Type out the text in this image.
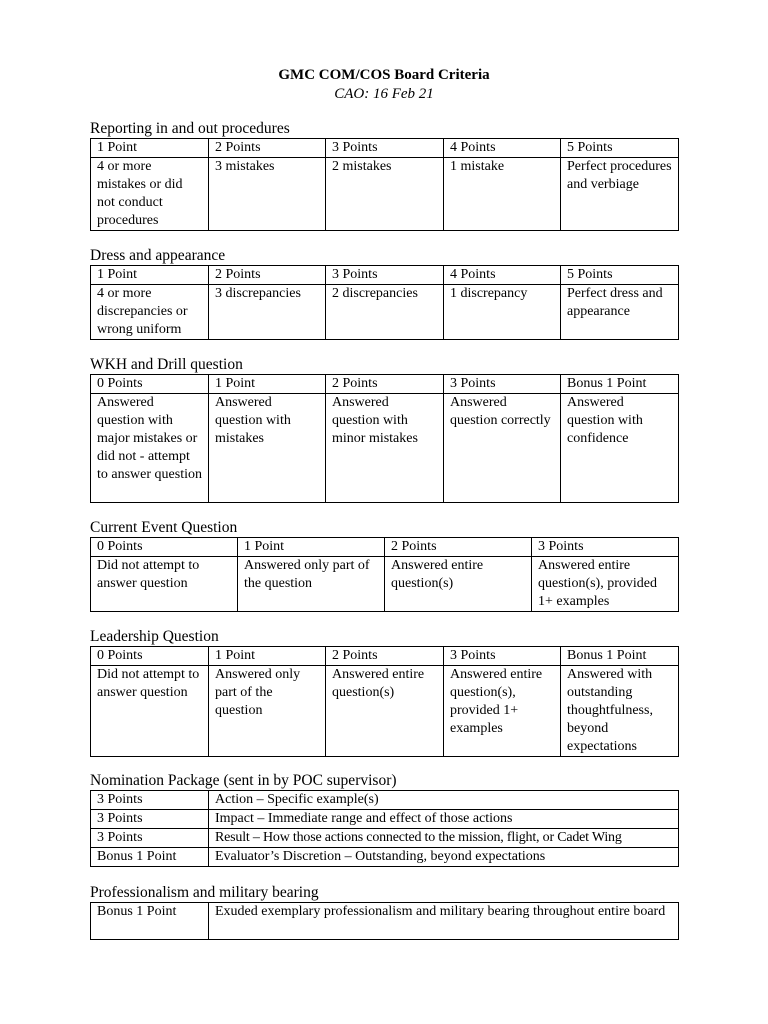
GMC COM/COS Board Criteria
CAO: 16 Feb 21
Reporting in and out procedures
1 Point	2 Points	3 Points	4 Points	5 Points
4 or more mistakes or did not conduct procedures	3 mistakes	2 mistakes	1 mistake	Perfect procedures and verbiage
Dress and appearance
1 Point	2 Points	3 Points	4 Points	5 Points
4 or more discrepancies or wrong uniform	3 discrepancies	2 discrepancies	1 discrepancy	Perfect dress and appearance
WKH and Drill question
0 Points	1 Point	2 Points	3 Points	Bonus 1 Point
Answered question with major mistakes or did not - attempt to answer question	Answered question with mistakes	Answered question with minor mistakes	Answered question correctly	Answered question with confidence
Current Event Question
0 Points	1 Point	2 Points	3 Points
Did not attempt to answer question	Answered only part of the question	Answered entire question(s)	Answered entire question(s), provided 1+ examples
Leadership Question
0 Points	1 Point	2 Points	3 Points	Bonus 1 Point
Did not attempt to answer question	Answered only part of the question	Answered entire question(s)	Answered entire question(s), provided 1+ examples	Answered with outstanding thoughtfulness, beyond expectations
Nomination Package (sent in by POC supervisor)
3 Points	Action – Specific example(s)
3 Points	Impact – Immediate range and effect of those actions
3 Points	Result – How those actions connected to the mission, flight, or Cadet Wing
Bonus 1 Point	Evaluator’s Discretion – Outstanding, beyond expectations
Professionalism and military bearing
Bonus 1 Point	Exuded exemplary professionalism and military bearing throughout entire board
